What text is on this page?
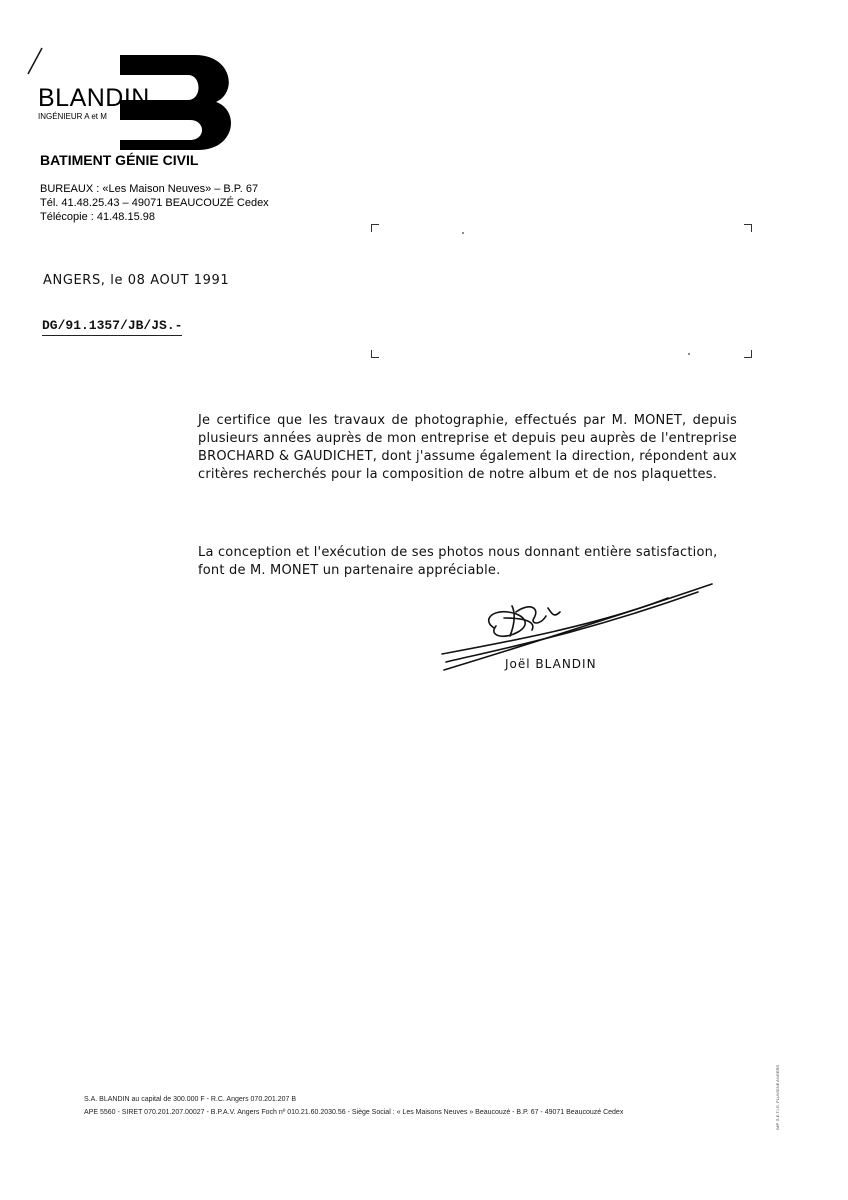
BLANDIN
INGÉNIEUR A et M
BATIMENT GÉNIE CIVIL
BUREAUX : «Les Maison Neuves» – B.P. 67
Tél. 41.48.25.43 – 49071 BEAUCOUZÉ Cedex
Télécopie : 41.48.15.98
ANGERS, le 08 AOUT 1991
DG/91.1357/JB/JS.-
Je certifice que les travaux de photographie, effectués par M. MONET, depuis plusieurs années auprès de mon entreprise et depuis peu auprès de l'entreprise BROCHARD & GAUDICHET, dont j'assume également la direction, répondent aux critères recherchés pour la composition de notre album et de nos plaquettes.
La conception et l'exécution de ses photos nous donnant entière satisfaction, font de M. MONET un partenaire appréciable.
Joël BLANDIN
S.A. BLANDIN au capital de 300.000 F - R.C. Angers 070.201.207 B
APE 5560 - SIRET 070.201.207.00027 - B.P.A.V. Angers Foch nº 010.21.60.2030.56 - Siège Social : « Les Maisons Neuves » Beaucouzé - B.P. 67 - 49071 Beaucouzé Cedex	IMP. S.E.T.I.G. PLUVIGNE ANGERS
